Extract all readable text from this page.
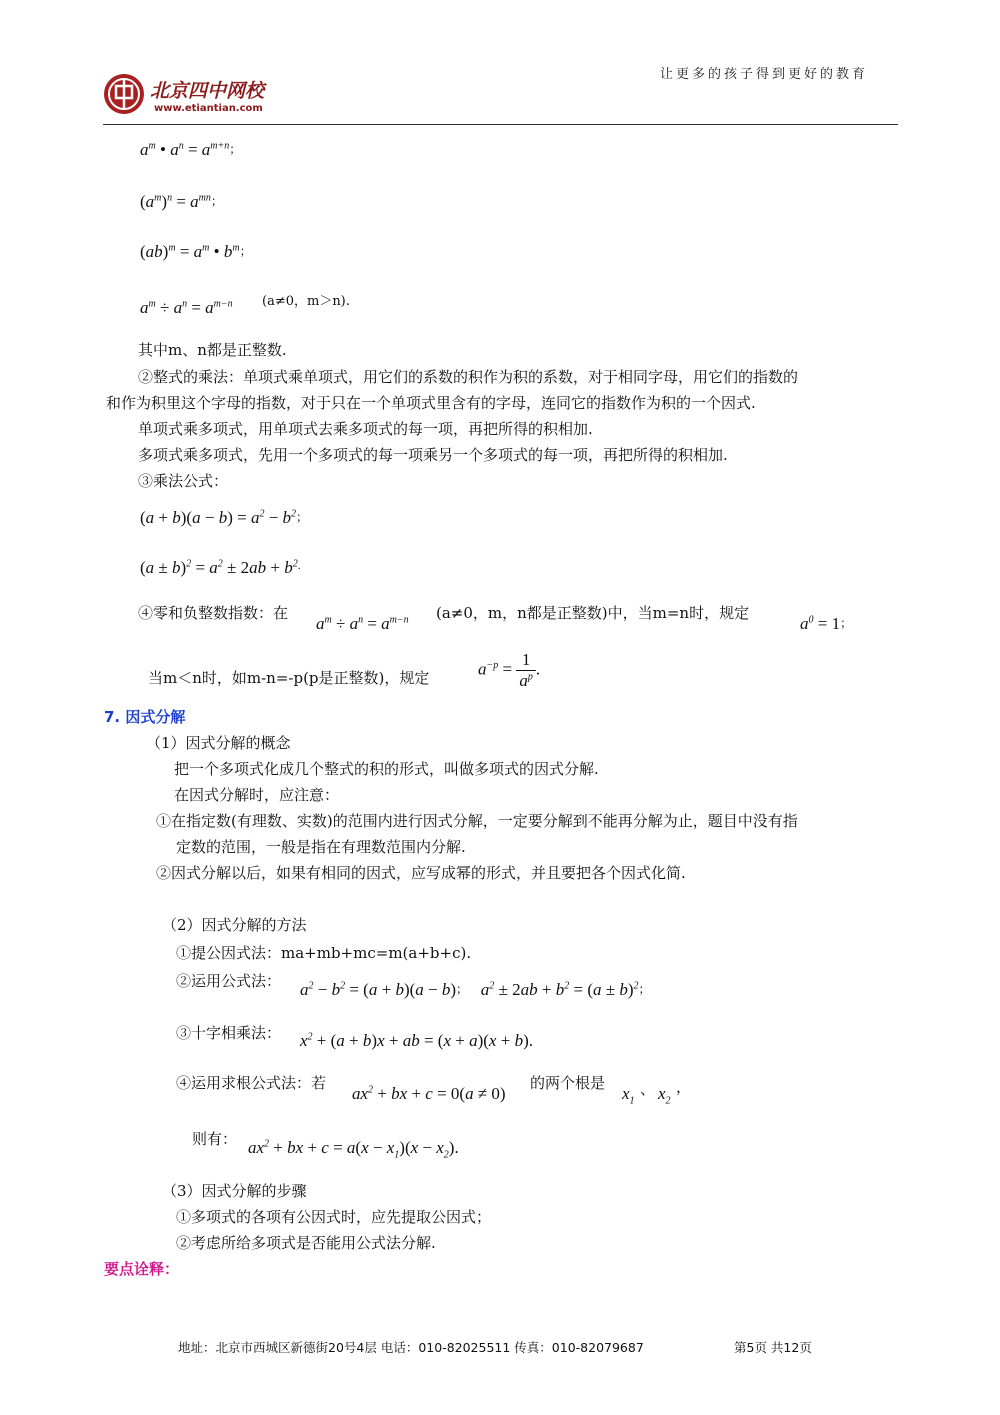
北京四中网校
www.etiantian.com
让更多的孩子得到更好的教育
$a^m$ • $a^n = a^{m+n;}$
$(a^m)^n = a^{mn;}$
$(ab)^m = a^m$ • $b^{m;}$
$a^m \div a^n = a^{m-n}$ (a≠0，m＞n).
其中m、n都是正整数.
②整式的乘法：单项式乘单项式，用它们的系数的积作为积的系数，对于相同字母，用它们的指数的
和作为积里这个字母的指数，对于只在一个单项式里含有的字母，连同它的指数作为积的一个因式.
单项式乘多项式，用单项式去乘多项式的每一项，再把所得的积相加.
多项式乘多项式，先用一个多项式的每一项乘另一个多项式的每一项，再把所得的积相加.
③乘法公式：
$(a + b)(a - b) = a^2 - b^{2;}$
$(a \pm b)^2 = a^2 \pm 2ab + b^{2.}$
④零和负整数指数：在
$a^m \div a^n = a^{m-n}$ (a≠0，m，n都是正整数)中，当m=n时，规定
$a^0 = 1^;$
当m＜n时，如m-n=-p(p是正整数)，规定	$a^{-p} = \frac{1}{a^p}$ .
7. 因式分解
（1）因式分解的概念
把一个多项式化成几个整式的积的形式，叫做多项式的因式分解.
在因式分解时，应注意：
①在指定数(有理数、实数)的范围内进行因式分解，一定要分解到不能再分解为止，题目中没有指
定数的范围，一般是指在有理数范围内分解.
②因式分解以后，如果有相同的因式，应写成幂的形式，并且要把各个因式化简.
（2）因式分解的方法
①提公因式法：ma+mb+mc=m(a+b+c).
②运用公式法： $a^2 - b^2 = (a + b)(a - b)^;$   $a^2 \pm 2ab + b^2 = (a \pm b)^{2;}$
③十字相乘法： $x^2 + (a + b)x$ + ab = (x + a)(x + b).
④运用求根公式法：若
$ax^2$ + bx + c = 0(a ≠ 0)
的两个根是
$x_1$
、 $x_2$
，
则有： $ax^2$ + bx + $c = a(x - x_1)(x - x_2)$.
（3）因式分解的步骤
①多项式的各项有公因式时，应先提取公因式；
②考虑所给多项式是否能用公式法分解.
要点诠释：
地址：北京市西城区新德街20号4层 电话：010-82025511 传真：010-82079687	第5页 共12页
